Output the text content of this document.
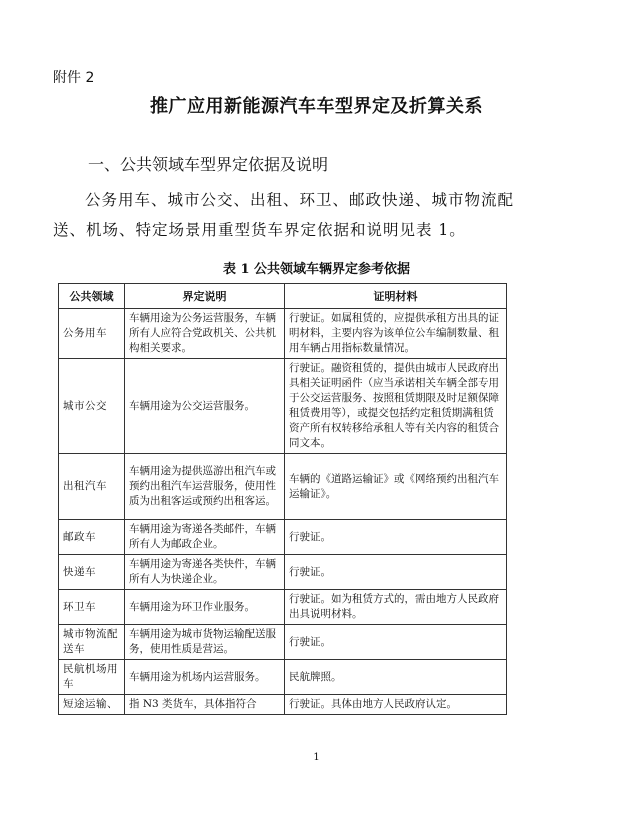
附件 2
推广应用新能源汽车车型界定及折算关系
一、公共领域车型界定依据及说明
公务用车、城市公交、出租、环卫、邮政快递、城市物流配送、机场、特定场景用重型货车界定依据和说明见表 1。
表 1 公共领域车辆界定参考依据
公共领域	界定说明	证明材料
公务用车	车辆用途为公务运营服务，车辆所有人应符合党政机关、公共机构相关要求。	行驶证。如属租赁的，应提供承租方出具的证明材料，主要内容为该单位公车编制数量、租用车辆占用指标数量情况。
城市公交	车辆用途为公交运营服务。	行驶证。融资租赁的，提供由城市人民政府出具相关证明函件（应当承诺相关车辆全部专用于公交运营服务、按照租赁期限及时足额保障租赁费用等），或提交包括约定租赁期满租赁资产所有权转移给承租人等有关内容的租赁合同文本。
出租汽车	车辆用途为提供巡游出租汽车或预约出租汽车运营服务，使用性质为出租客运或预约出租客运。	车辆的《道路运输证》或《网络预约出租汽车运输证》。
邮政车	车辆用途为寄递各类邮件，车辆所有人为邮政企业。	行驶证。
快递车	车辆用途为寄递各类快件，车辆所有人为快递企业。	行驶证。
环卫车	车辆用途为环卫作业服务。	行驶证。如为租赁方式的，需由地方人民政府出具说明材料。
城市物流配送车	车辆用途为城市货物运输配送服务，使用性质是营运。	行驶证。
民航机场用车	车辆用途为机场内运营服务。	民航牌照。
短途运输、	指 N3 类货车，具体指符合	行驶证。具体由地方人民政府认定。
1
